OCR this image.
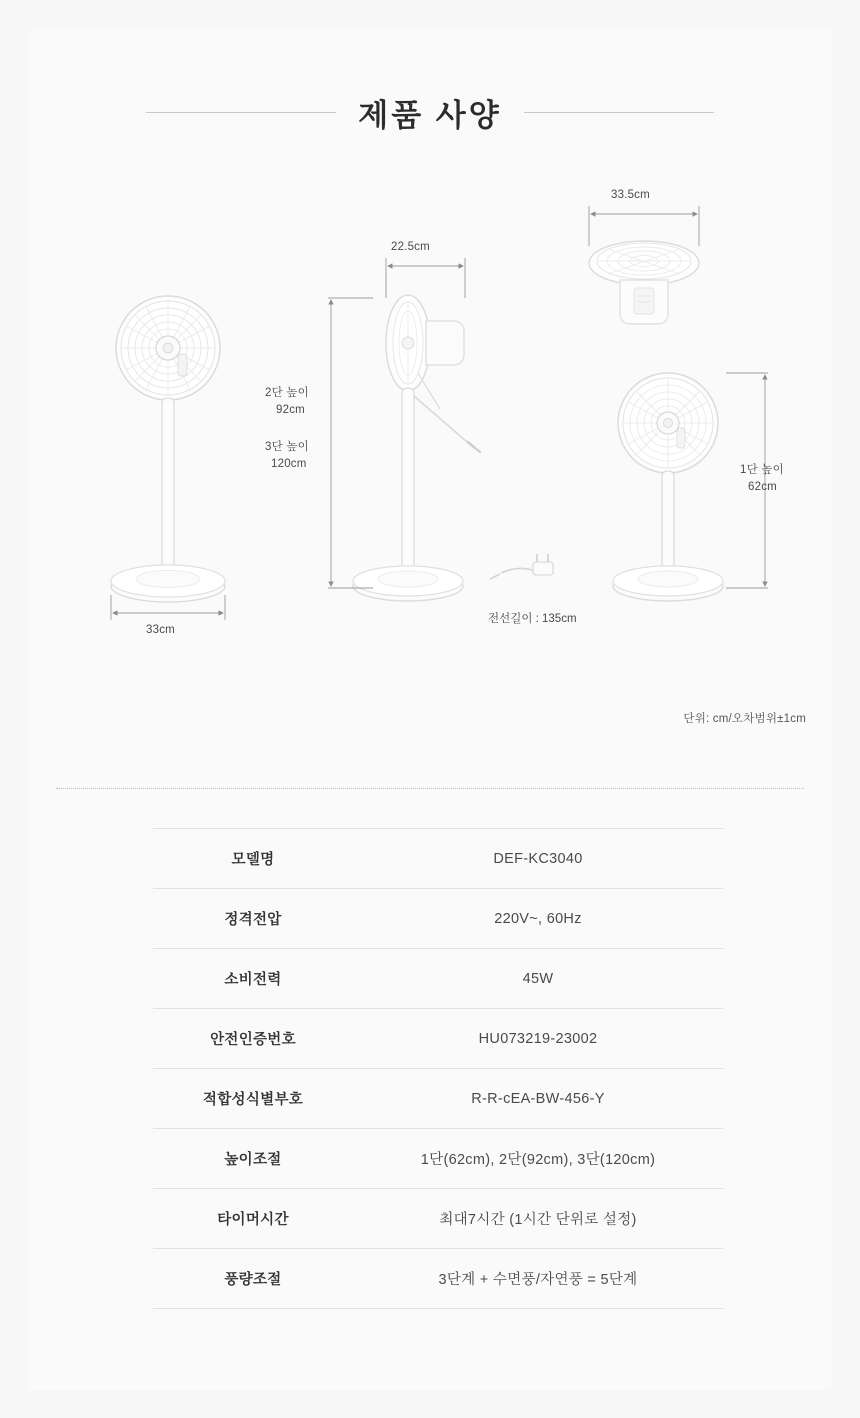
제품 사양
33cm
22.5cm
33.5cm
2단 높이
92cm
3단 높이
120cm	1단 높이
62cm
전선길이 : 135cm
단위: cm/오차범위±1cm
모델명	DEF-KC3040
정격전압	220V~, 60Hz
소비전력	45W
안전인증번호	HU073219-23002
적합성식별부호	R-R-cEA-BW-456-Y
높이조절	1단(62cm), 2단(92cm), 3단(120cm)
타이머시간	최대7시간 (1시간 단위로 설정)
풍량조절	3단계 + 수면풍/자연풍 = 5단계
